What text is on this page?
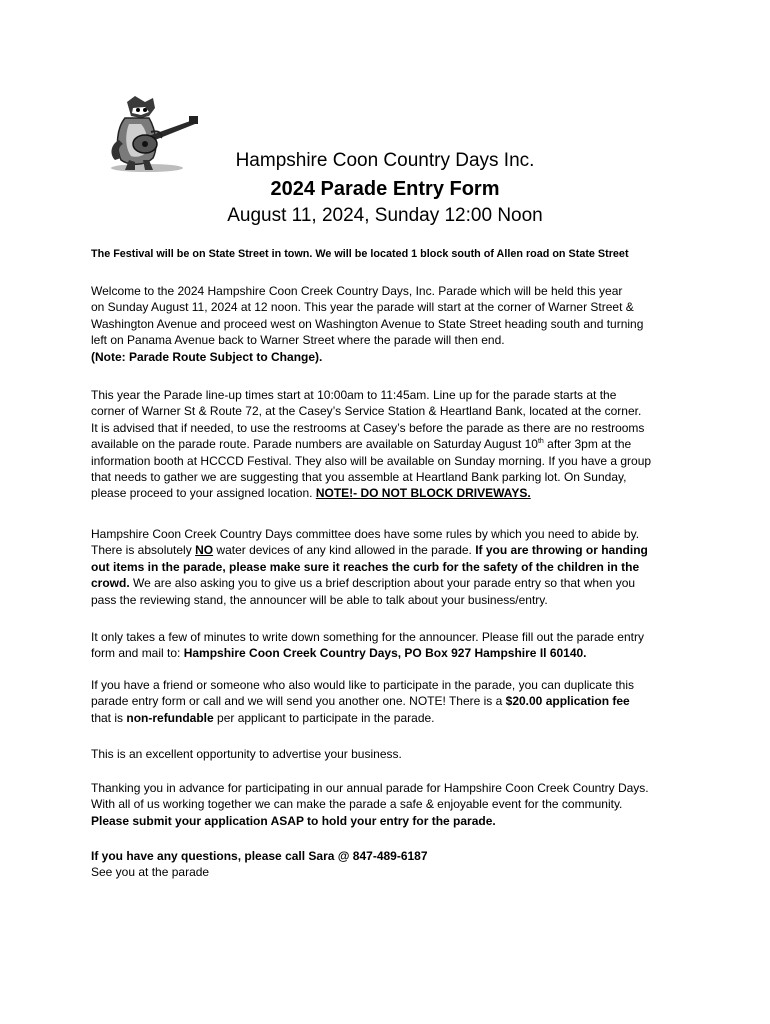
Hampshire Coon Country Days Inc.
2024 Parade Entry Form
August 11, 2024, Sunday 12:00 Noon
The Festival will be on State Street in town. We will be located 1 block south of Allen road on State Street

Welcome to the 2024 Hampshire Coon Creek Country Days, Inc. Parade which will be held this year

on Sunday August 11, 2024 at 12 noon. This year the parade will start at the corner of Warner Street &

Washington Avenue and proceed west on Washington Avenue to State Street heading south and turning

left on Panama Avenue back to Warner Street where the parade will then end.

(Note: Parade Route Subject to Change).

This year the Parade line-up times start at 10:00am to 11:45am. Line up for the parade starts at the

corner of Warner St & Route 72, at the Casey’s Service Station & Heartland Bank, located at the corner.

It is advised that if needed, to use the restrooms at Casey’s before the parade as there are no restrooms

available on the parade route. Parade numbers are available on Saturday August 10th after 3pm at the

information booth at HCCCD Festival. They also will be available on Sunday morning. If you have a group

that needs to gather we are suggesting that you assemble at Heartland Bank parking lot. On Sunday,

please proceed to your assigned location. NOTE!- DO NOT BLOCK DRIVEWAYS.

Hampshire Coon Creek Country Days committee does have some rules by which you need to abide by.

There is absolutely NO water devices of any kind allowed in the parade. If you are throwing or handing

out items in the parade, please make sure it reaches the curb for the safety of the children in the

crowd. We are also asking you to give us a brief description about your parade entry so that when you

pass the reviewing stand, the announcer will be able to talk about your business/entry.

It only takes a few of minutes to write down something for the announcer. Please fill out the parade entry

form and mail to: Hampshire Coon Creek Country Days, PO Box 927 Hampshire Il 60140.

If you have a friend or someone who also would like to participate in the parade, you can duplicate this

parade entry form or call and we will send you another one. NOTE! There is a $20.00 application fee

that is non-refundable per applicant to participate in the parade.

This is an excellent opportunity to advertise your business.

Thanking you in advance for participating in our annual parade for Hampshire Coon Creek Country Days.

With all of us working together we can make the parade a safe & enjoyable event for the community.

Please submit your application ASAP to hold your entry for the parade.

If you have any questions, please call Sara @ 847-489-6187

See you at the parade
